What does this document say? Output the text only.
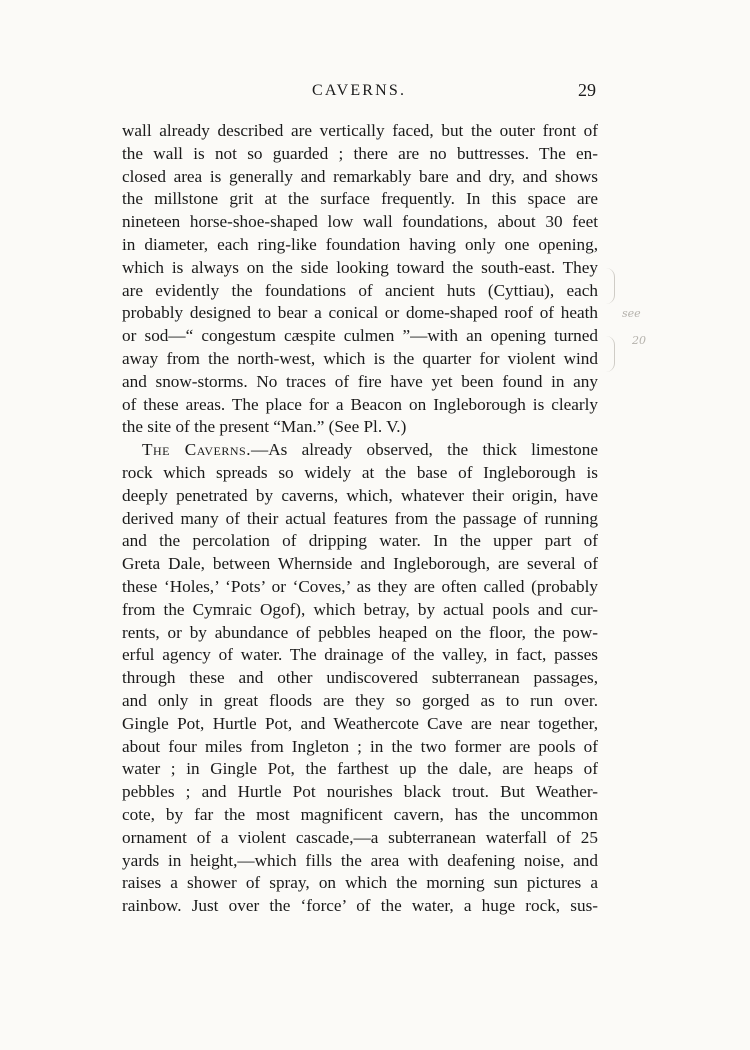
CAVERNS.	29
wall already described are vertically faced, but the outer front of
the wall is not so guarded ; there are no buttresses. The en-
closed area is generally and remarkably bare and dry, and shows
the millstone grit at the surface frequently. In this space are
nineteen horse-shoe-shaped low wall foundations, about 30 feet
in diameter, each ring-like foundation having only one opening,
which is always on the side looking toward the south-east. They
are evidently the foundations of ancient huts (Cyttiau), each
probably designed to bear a conical or dome-shaped roof of heath
or sod—“ congestum cæspite culmen ”—with an opening turned
away from the north-west, which is the quarter for violent wind
and snow-storms. No traces of fire have yet been found in any
of these areas. The place for a Beacon on Ingleborough is clearly
the site of the present “Man.” (See Pl. V.)
The Caverns.—As already observed, the thick limestone
rock which spreads so widely at the base of Ingleborough is
deeply penetrated by caverns, which, whatever their origin, have
derived many of their actual features from the passage of running
and the percolation of dripping water. In the upper part of
Greta Dale, between Whernside and Ingleborough, are several of
these ‘Holes,’ ‘Pots’ or ‘Coves,’ as they are often called (probably
from the Cymraic Ogof), which betray, by actual pools and cur-
rents, or by abundance of pebbles heaped on the floor, the pow-
erful agency of water. The drainage of the valley, in fact, passes
through these and other undiscovered subterranean passages,
and only in great floods are they so gorged as to run over.
Gingle Pot, Hurtle Pot, and Weathercote Cave are near together,
about four miles from Ingleton ; in the two former are pools of
water ; in Gingle Pot, the farthest up the dale, are heaps of
pebbles ; and Hurtle Pot nourishes black trout. But Weather-
cote, by far the most magnificent cavern, has the uncommon
ornament of a violent cascade,—a subterranean waterfall of 25
yards in height,—which fills the area with deafening noise, and
raises a shower of spray, on which the morning sun pictures a
rainbow. Just over the ‘force’ of the water, a huge rock, sus-
see
20
